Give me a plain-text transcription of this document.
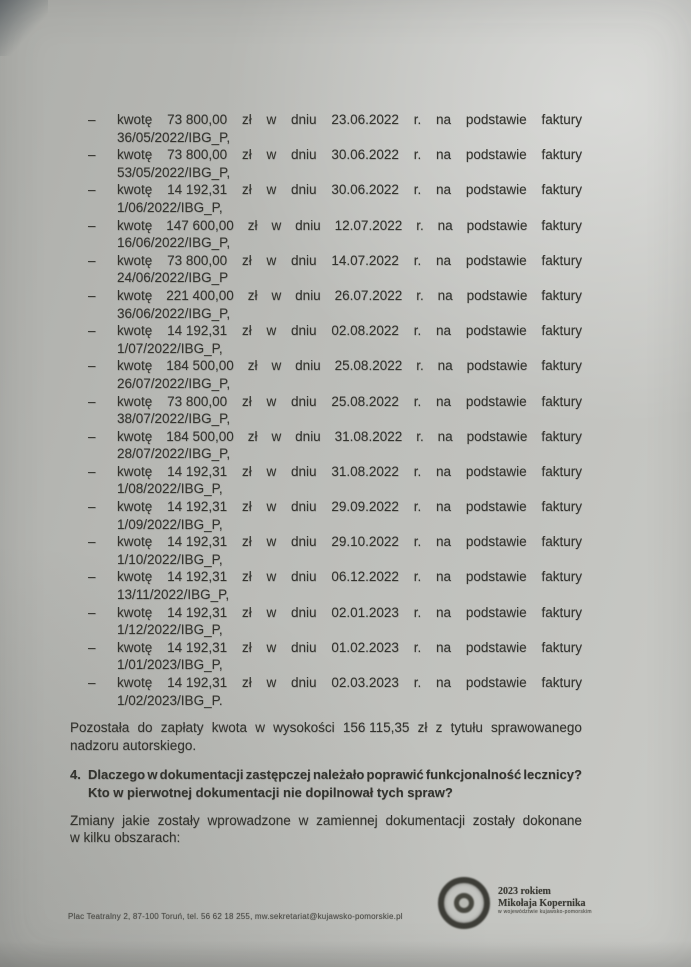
–	kwotę 73 800,00 zł w dniu 23.06.2022 r. na podstawie faktury
36/05/2022/IBG_P,
–	kwotę 73 800,00 zł w dniu 30.06.2022 r. na podstawie faktury
53/05/2022/IBG_P,
–	kwotę 14 192,31 zł w dniu 30.06.2022 r. na podstawie faktury
1/06/2022/IBG_P,
–	kwotę 147 600,00 zł w dniu 12.07.2022 r. na podstawie faktury
16/06/2022/IBG_P,
–	kwotę 73 800,00 zł w dniu 14.07.2022 r. na podstawie faktury
24/06/2022/IBG_P
–	kwotę 221 400,00 zł w dniu 26.07.2022 r. na podstawie faktury
36/06/2022/IBG_P,
–	kwotę 14 192,31 zł w dniu 02.08.2022 r. na podstawie faktury
1/07/2022/IBG_P,
–	kwotę 184 500,00 zł w dniu 25.08.2022 r. na podstawie faktury
26/07/2022/IBG_P,
–	kwotę 73 800,00 zł w dniu 25.08.2022 r. na podstawie faktury
38/07/2022/IBG_P,
–	kwotę 184 500,00 zł w dniu 31.08.2022 r. na podstawie faktury
28/07/2022/IBG_P,
–	kwotę 14 192,31 zł w dniu 31.08.2022 r. na podstawie faktury
1/08/2022/IBG_P,
–	kwotę 14 192,31 zł w dniu 29.09.2022 r. na podstawie faktury
1/09/2022/IBG_P,
–	kwotę 14 192,31 zł w dniu 29.10.2022 r. na podstawie faktury
1/10/2022/IBG_P,
–	kwotę 14 192,31 zł w dniu 06.12.2022 r. na podstawie faktury
13/11/2022/IBG_P,
–	kwotę 14 192,31 zł w dniu 02.01.2023 r. na podstawie faktury
1/12/2022/IBG_P,
–	kwotę 14 192,31 zł w dniu 01.02.2023 r. na podstawie faktury
1/01/2023/IBG_P,
–	kwotę 14 192,31 zł w dniu 02.03.2023 r. na podstawie faktury
1/02/2023/IBG_P.
Pozostała do zapłaty kwota w wysokości 156 115,35 zł z tytułu sprawowanego
nadzoru autorskiego.
4. Dlaczego w dokumentacji zastępczej należało poprawić funkcjonalność lecznicy?
Kto w pierwotnej dokumentacji nie dopilnował tych spraw?
Zmiany jakie zostały wprowadzone w zamiennej dokumentacji zostały dokonane
w kilku obszarach:
Plac Teatralny 2, 87-100 Toruń, tel. 56 62 18 255, mw.sekretariat@kujawsko-pomorskie.pl
2023 rokiem
Mikołaja Kopernika
w województwie kujawsko-pomorskim
